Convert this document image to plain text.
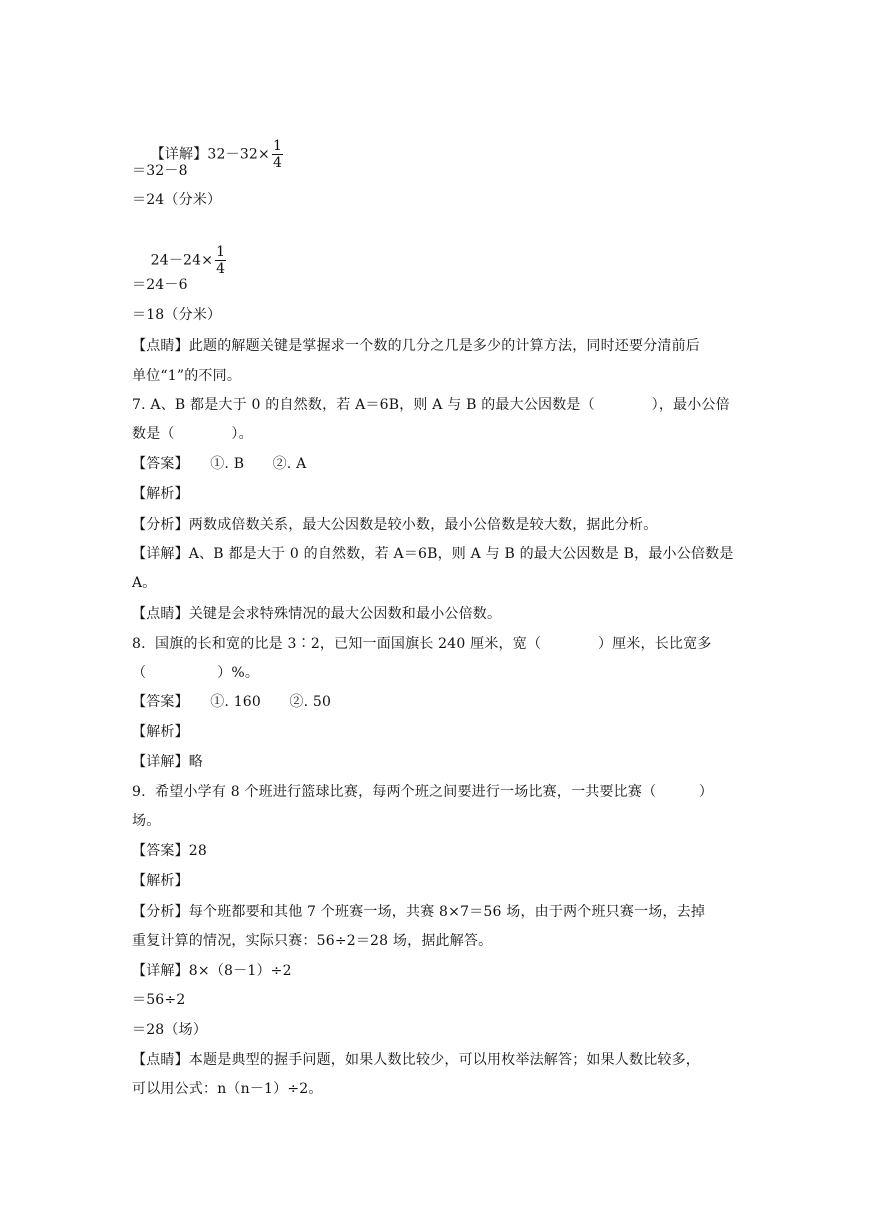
【详解】$32-32\times \frac{1}{4}$

＝32－8
＝24（分米）

$24-24\times \frac{1}{4}$

＝24－6
＝18（分米）
【点睛】此题的解题关键是掌握求一个数的几分之几是多少的计算方法，同时还要分清前后
单位“1”的不同。
7. A、B 都是大于 0 的自然数，若 A＝6B，则 A 与 B 的最大公因数是（　　　　），最小公倍
数是（　　　　）。
【答案】　　①. B　　②. A
【解析】
【分析】两数成倍数关系，最大公因数是较小数，最小公倍数是较大数，据此分析。
【详解】A、B 都是大于 0 的自然数，若 A＝6B，则 A 与 B 的最大公因数是 B，最小公倍数是
A。
【点睛】关键是会求特殊情况的最大公因数和最小公倍数。
8.  国旗的长和宽的比是 3∶2，已知一面国旗长 240 厘米，宽（　　　　）厘米，长比宽多
（　　　　　）%。
【答案】　　①. 160　　②. 50
【解析】
【详解】略
9.  希望小学有 8 个班进行篮球比赛，每两个班之间要进行一场比赛，一共要比赛（　　　）
场。
【答案】28
【解析】
【分析】每个班都要和其他 7 个班赛一场，共赛 8×7＝56 场，由于两个班只赛一场，去掉
重复计算的情况，实际只赛：56÷2＝28 场，据此解答。
【详解】8×（8－1）÷2
＝56÷2
＝28（场）
【点睛】本题是典型的握手问题，如果人数比较少，可以用枚举法解答；如果人数比较多，
可以用公式：n（n－1）÷2。
